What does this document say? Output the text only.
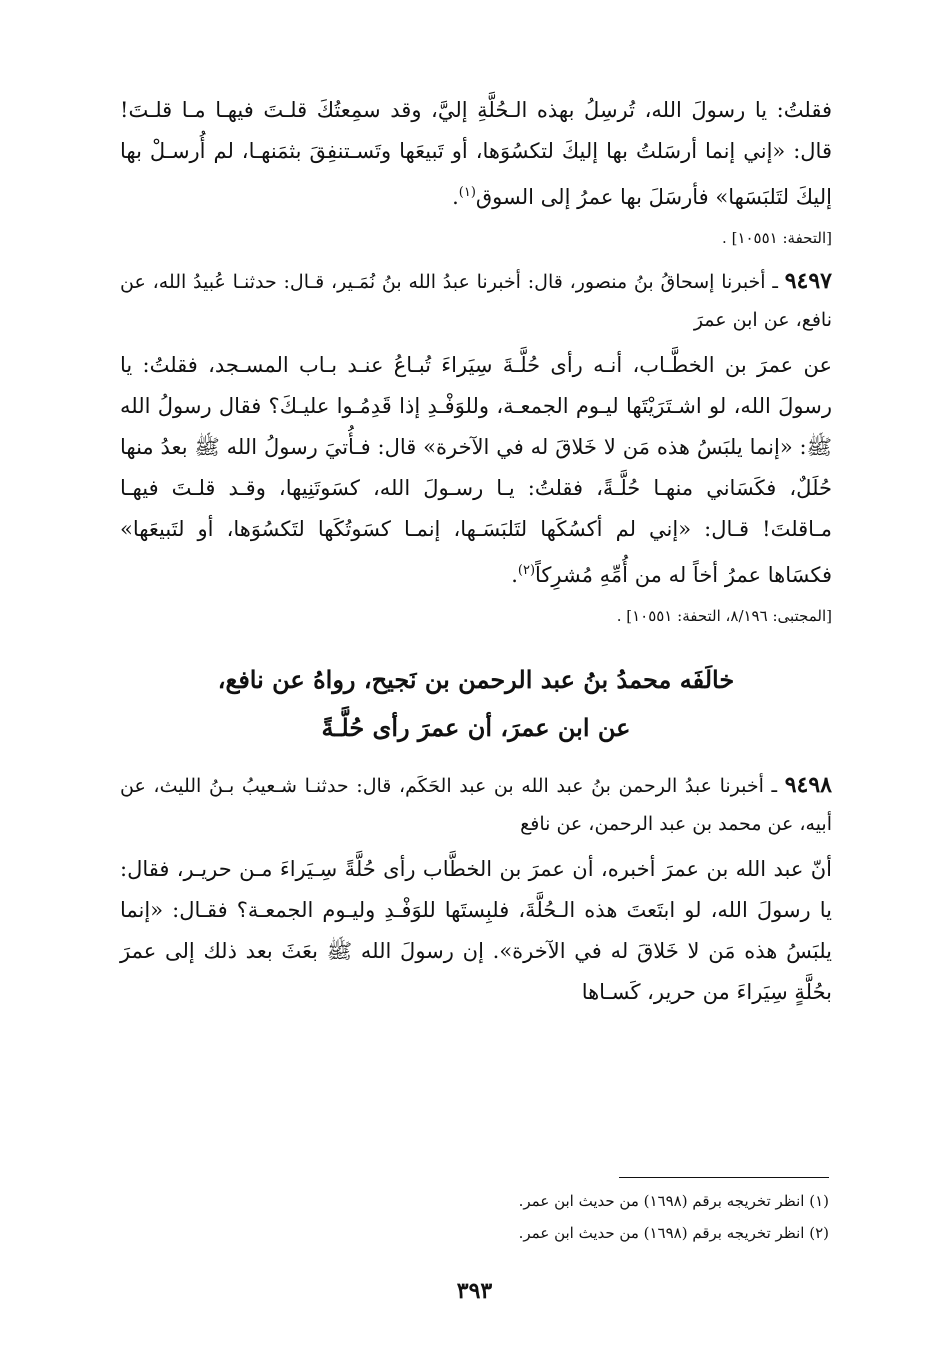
فقلتُ: يا رسولَ الله، تُرسِلُ بهذه الـحُلَّةِ إليَّ، وقد سمِعتُكَ قلـتَ فيهـا مـا قلـتَ! قال: «إني إنما أرسَلتُ بها إليكَ لتكسُوَها، أو تَبيعَها وتَسـتنفِقَ بثمَنهـا، لم أُرسـلْ بها إليكَ لتَلبَسَها» فأرسَلَ بها عمرُ إلى السوق$^{(١)}$.

[التحفة: ١٠٥٥١] .

٩٤٩٧ ـ أخبرنا إسحاقُ بنُ منصور، قال: أخبرنا عبدُ الله بنُ نُمَـير، قـال: حدثنـا عُبيدُ الله، عن نافع، عن ابن عمرَ

عن عمرَ بن الخطَّـاب، أنـه رأى حُلَّـةَ سِيَراءَ تُبـاعُ عنـد بـاب المسـجد، فقلتُ: يا رسولَ الله، لو اشـتَرَيْتَها ليـوم الجمعـة، وللوَفْـدِ إذا قَدِمُـوا عليـكَ؟ فقال رسولُ الله ﷺ: «إنما يلبَسُ هذه مَن لا خَلاقَ له في الآخرة» قال: فـأُتيَ رسولُ الله ﷺ بعدُ منها حُلَلٌ، فكَسَاني منهـا حُلَّـةً، فقلتُ: يـا رسـولَ الله، كسَوتَنِيها، وقـد قلـتَ فيهـا مـاقلتَ! قـال: «إني لم أكسُكَها لتَلبَسَـها، إنمـا كسَوتُكَها لتَكسُوَها، أو لتَبيعَها» فكسَاها عمرُ أخاً له من أُمِّهِ مُشرِكاً$^{(٢)}$.

[المجتبى: ٨/١٩٦، التحفة: ١٠٥٥١] .
خالَفَه محمدُ بنُ عبد الرحمن بن نَجيح، رواهُ عن نافع،
عن ابن عمرَ، أن عمرَ رأى حُلَّـةً

٩٤٩٨ ـ أخبرنا عبدُ الرحمن بنُ عبد الله بن عبد الحَكَم، قال: حدثنـا شـعيبُ بـنُ الليث، عن أبيه، عن محمد بن عبد الرحمن، عن نافع

أنّ عبد الله بن عمرَ أخبره، أن عمرَ بن الخطَّاب رأى حُلَّةً سِـيَراءَ مـن حريـر، فقال: يا رسولَ الله، لو ابتَعتَ هذه الـحُلَّةَ، فلبِستَها للوَفْـدِ وليـوم الجمعـة؟ فقـال: «إنما يلبَسُ هذه مَن لا خَلاقَ له في الآخرة». إن رسولَ الله ﷺ بعَثَ بعد ذلك إلى عمرَ بحُلَّةٍ سِيَراءَ من حرير، كَسـاها

(١) انظر تخريجه برقم (١٦٩٨) من حديث ابن عمر.
(٢) انظر تخريجه برقم (١٦٩٨) من حديث ابن عمر.
٣٩٣
